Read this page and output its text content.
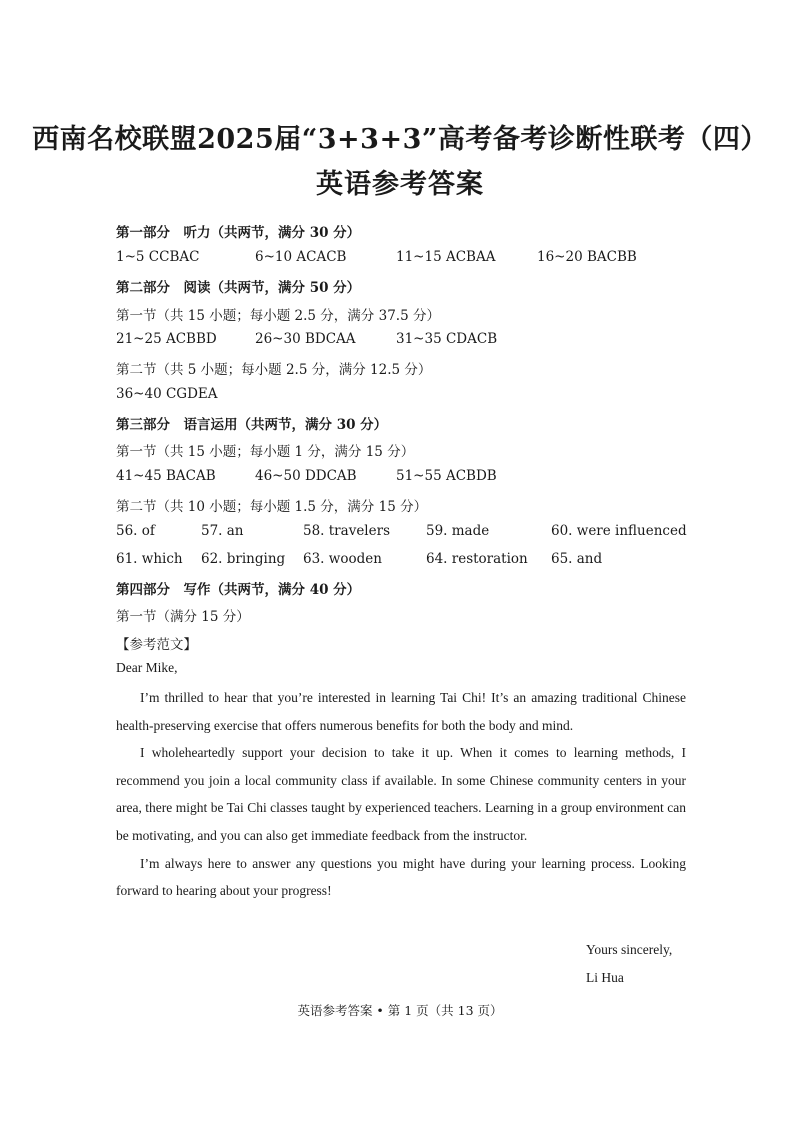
西南名校联盟2025届“3+3+3”高考备考诊断性联考（四）
英语参考答案
第一部分　听力（共两节，满分 30 分）
1~5 CCBAC	6~10 ACACB	11~15 ACBAA	16~20 BACBB
第二部分　阅读（共两节，满分 50 分）
第一节（共 15 小题；每小题 2.5 分，满分 37.5 分）
21~25 ACBBD	26~30 BDCAA	31~35 CDACB
第二节（共 5 小题；每小题 2.5 分，满分 12.5 分）
36~40 CGDEA
第三部分　语言运用（共两节，满分 30 分）
第一节（共 15 小题；每小题 1 分，满分 15 分）
41~45 BACAB	46~50 DDCAB	51~55 ACBDB
第二节（共 10 小题；每小题 1.5 分，满分 15 分）
56. of	57. an	58. travelers	59. made	60. were influenced
61. which 62. bringing 63. wooden	64. restoration 65. and
第四部分　写作（共两节，满分 40 分）
第一节（满分 15 分）
【参考范文】
Dear Mike,

I’m thrilled to hear that you’re interested in learning Tai Chi! It’s an amazing traditional Chinese health-preserving exercise that offers numerous benefits for both the body and mind.

I wholeheartedly support your decision to take it up. When it comes to learning methods, I recommend you join a local community class if available. In some Chinese community centers in your area, there might be Tai Chi classes taught by experienced teachers. Learning in a group environment can be motivating, and you can also get immediate feedback from the instructor.

I’m always here to answer any questions you might have during your learning process. Looking forward to hearing about your progress!

Yours sincerely,
Li Hua
英语参考答案 • 第 1 页（共 13 页）
